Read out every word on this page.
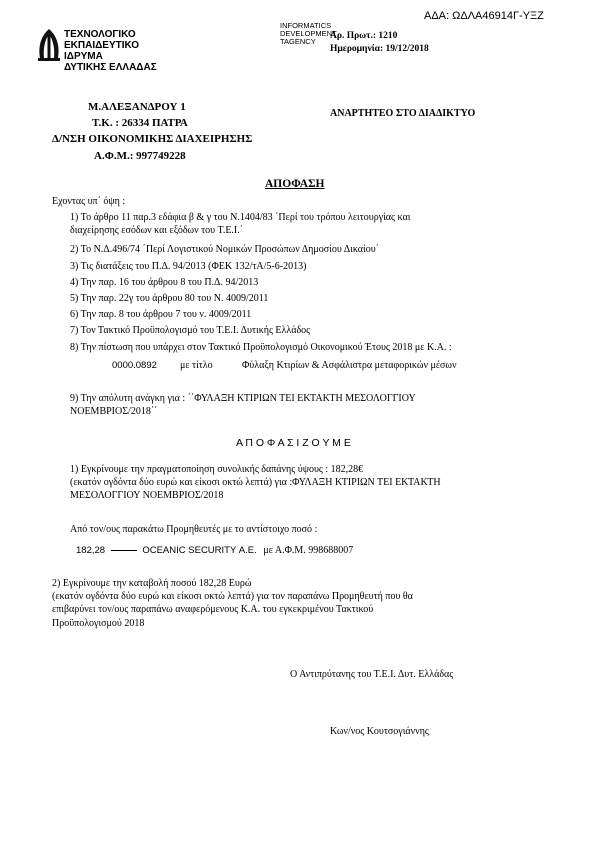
ΑΔΑ: ΩΔΛΑ46914Γ-ΥΞΖ
ΤΕΧΝΟΛΟΓΙΚΟ
ΕΚΠΑΙΔΕΥΤΙΚΟ
ΙΔΡΥΜΑ
ΔΥΤΙΚΗΣ ΕΛΛΑΔΑΣ
INFORMATICS
DEVELOPMENT
TAGENCY
Αρ. Πρωτ.: 1210
Ημερομηνία: 19/12/2018
Μ.ΑΛΕΞΑΝΔΡΟΥ 1
Τ.Κ. : 26334 ΠΑΤΡΑ
Δ/ΝΣΗ ΟΙΚΟΝΟΜΙΚΗΣ ΔΙΑΧΕΙΡΗΣΗΣ
Α.Φ.Μ.: 997749228
ΑΝΑΡΤΗΤΕΟ ΣΤΟ ΔΙΑΔΙΚΤΥΟ
ΑΠΟΦΑΣΗ
Εχοντας υπ΄ όψη :
1) Το άρθρο 11 παρ.3 εδάφια β & γ του Ν.1404/83 ΄Περί του τρόπου λειτουργίας και
διαχείρησης εσόδων και εξόδων του Τ.Ε.Ι.΄
2) Το Ν.Δ.496/74 ΄Περί Λογιστικού Νομικών Προσώπων Δημοσίου Δικαίου΄
3) Τις διατάξεις του Π.Δ. 94/2013 (ΦΕΚ 132/τΑ/5-6-2013)
4) Την παρ. 16 του άρθρου 8 του Π.Δ. 94/2013
5) Την παρ. 22γ του άρθρου 80 του Ν. 4009/2011
6) Την παρ. 8 του άρθρου 7 του ν. 4009/2011
7) Τον Τακτικό Προϋπολογισμό του Τ.Ε.Ι. Δυτικής Ελλάδος
8) Την πίστωση που υπάρχει στον Τακτικό Προϋπολογισμό Οικονομικού Έτους 2018 με Κ.Α. :
0000.0892 με τίτλο	Φύλαξη Κτιρίων & Ασφάλιστρα μεταφορικών μέσων
9) Την απόλυτη ανάγκη για : ΄΄ΦΥΛΑΞΗ ΚΤΙΡΙΩΝ ΤΕΙ ΕΚΤΑΚΤΗ ΜΕΣΟΛΟΓΓΙΟΥ
ΝΟΕΜΒΡΙΟΣ/2018΄΄
Α Π Ο Φ Α Σ Ι Ζ Ο Υ Μ Ε
1) Εγκρίνουμε την πραγματοποίηση συνολικής δαπάνης ύψους : 182,28€
(εκατόν ογδόντα δύο ευρώ και είκοσι οκτώ λεπτά) για :ΦΥΛΑΞΗ ΚΤΙΡΙΩΝ ΤΕΙ ΕΚΤΑΚΤΗ
ΜΕΣΟΛΟΓΓΙΟΥ ΝΟΕΜΒΡΙΟΣ/2018
Από τον/ους παρακάτω Προμηθευτές με το αντίστοιχο ποσό :
182,28	OCEANIC SECURITY Α.Ε. με Α.Φ.Μ. 998688007
2) Εγκρίνουμε την καταβολή ποσού 182,28 Ευρώ
(εκατόν ογδόντα δύο ευρώ και είκοσι οκτώ λεπτά) για τον παραπάνω Προμηθευτή που θα
επιβαρύνει τον/ους παραπάνω αναφερόμενους Κ.Α. του εγκεκριμένου Τακτικού
Προϋπολογισμού 2018
Ο Αντιπρύτανης του Τ.Ε.Ι. Δυτ. Ελλάδας
Κων/νος Κουτσογιάννης
